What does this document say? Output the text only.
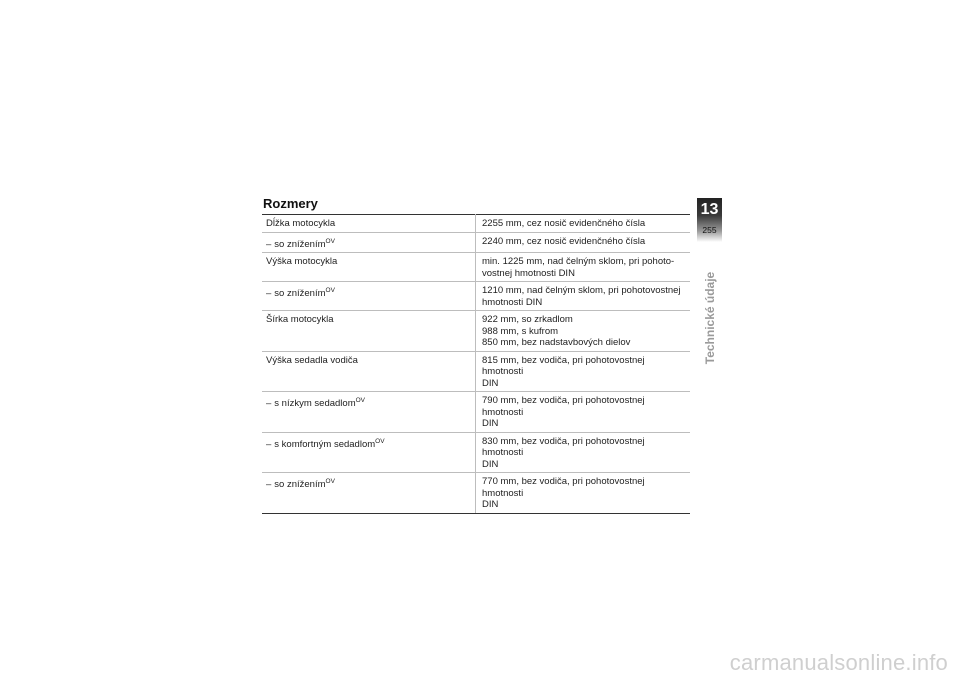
Rozmery
Dĺžka motocykla	2255 mm, cez nosič evidenčného čísla

– so znížením$^{OV}$	2240 mm, cez nosič evidenčného čísla

Výška motocykla	min. 1225 mm, nad čelným sklom, pri pohoto-
vostnej hmotnosti DIN

– so znížením$^{OV}$	1210 mm, nad čelným sklom, pri pohotovostnej
hmotnosti DIN

Šírka motocykla	922 mm, so zrkadlom
988 mm, s kufrom
850 mm, bez nadstavbových dielov

Výška sedadla vodiča	815 mm, bez vodiča, pri pohotovostnej hmotnosti
DIN

– s nízkym sedadlom$^{OV}$	790 mm, bez vodiča, pri pohotovostnej hmotnosti
DIN

– s komfortným sedadlom$^{OV}$	830 mm, bez vodiča, pri pohotovostnej hmotnosti
DIN

– so znížením$^{OV}$	770 mm, bez vodiča, pri pohotovostnej hmotnosti
DIN
13
255
Technické údaje
carmanualsonline.info
